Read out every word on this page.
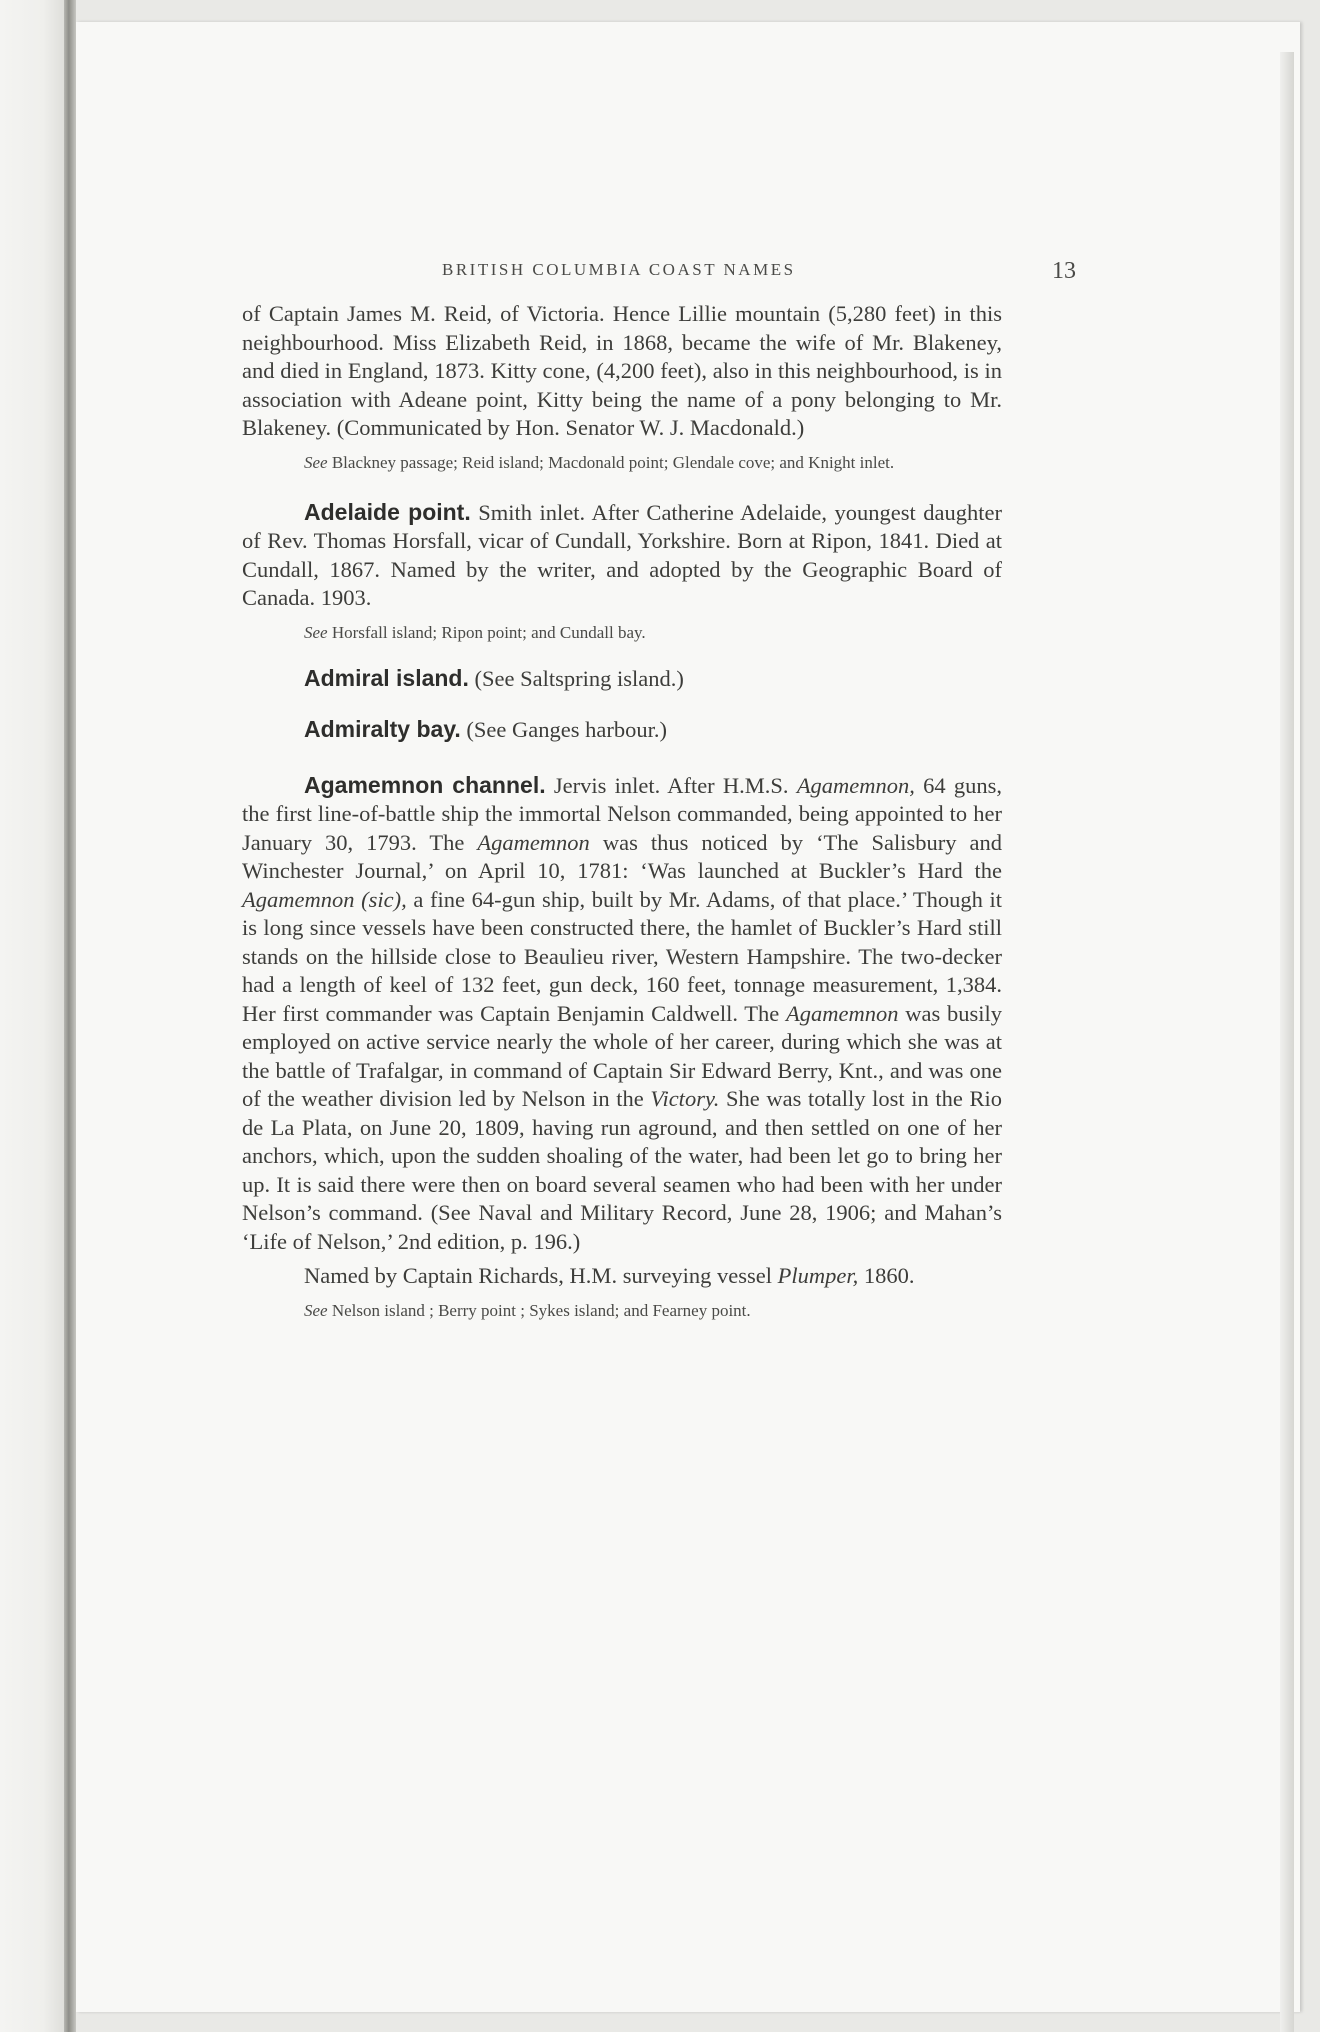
BRITISH COLUMBIA COAST NAMES	13

of Captain James M. Reid, of Victoria. Hence Lillie mountain (5,280 feet) in this neighbourhood. Miss Elizabeth Reid, in 1868, became the wife of Mr. Blakeney, and died in England, 1873. Kitty cone, (4,200 feet), also in this neighbourhood, is in association with Adeane point, Kitty being the name of a pony belonging to Mr. Blakeney. (Communicated by Hon. Senator W. J. Macdonald.)

See Blackney passage; Reid island; Macdonald point; Glendale cove; and Knight inlet.

Adelaide point. Smith inlet. After Catherine Adelaide, youngest daughter of Rev. Thomas Horsfall, vicar of Cundall, Yorkshire. Born at Ripon, 1841. Died at Cundall, 1867. Named by the writer, and adopted by the Geographic Board of Canada. 1903.

See Horsfall island; Ripon point; and Cundall bay.

Admiral island. (See Saltspring island.)

Admiralty bay. (See Ganges harbour.)

Agamemnon channel. Jervis inlet. After H.M.S. Agamemnon, 64 guns, the first line-of-battle ship the immortal Nelson commanded, being appointed to her January 30, 1793. The Agamemnon was thus noticed by ‘The Salisbury and Winchester Journal,’ on April 10, 1781: ‘Was launched at Buckler’s Hard the Agamemnon (sic), a fine 64-gun ship, built by Mr. Adams, of that place.’ Though it is long since vessels have been constructed there, the hamlet of Buckler’s Hard still stands on the hillside close to Beaulieu river, Western Hampshire. The two-decker had a length of keel of 132 feet, gun deck, 160 feet, tonnage measurement, 1,384. Her first commander was Captain Benjamin Caldwell. The Agamemnon was busily employed on active service nearly the whole of her career, during which she was at the battle of Trafalgar, in command of Captain Sir Edward Berry, Knt., and was one of the weather division led by Nelson in the Victory. She was totally lost in the Rio de La Plata, on June 20, 1809, having run aground, and then settled on one of her anchors, which, upon the sudden shoaling of the water, had been let go to bring her up. It is said there were then on board several seamen who had been with her under Nelson’s command. (See Naval and Military Record, June 28, 1906; and Mahan’s ‘Life of Nelson,’ 2nd edition, p. 196.)

Named by Captain Richards, H.M. surveying vessel Plumper, 1860.

See Nelson island ; Berry point ; Sykes island; and Fearney point.
